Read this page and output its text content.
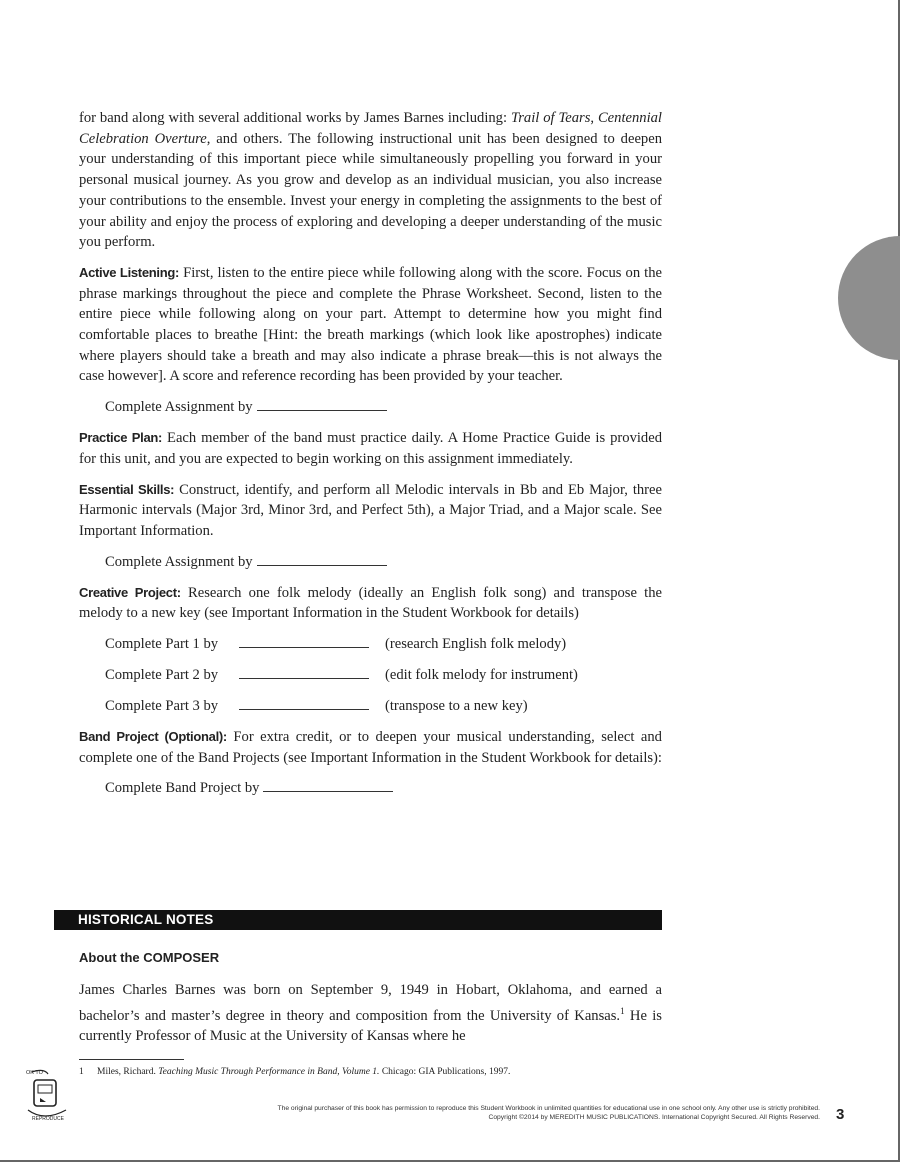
for band along with several additional works by James Barnes including: Trail of Tears, Centennial Celebration Overture, and others. The following instructional unit has been designed to deepen your understanding of this important piece while simultaneously propelling you forward in your personal musical journey. As you grow and develop as an individual musician, you also increase your contributions to the ensemble. Invest your energy in completing the assignments to the best of your ability and enjoy the process of exploring and developing a deeper understanding of the music you perform.

Active Listening: First, listen to the entire piece while following along with the score. Focus on the phrase markings throughout the piece and complete the Phrase Worksheet. Second, listen to the entire piece while following along on your part. Attempt to determine how you might find comfortable places to breathe [Hint: the breath markings (which look like apostrophes) indicate where players should take a breath and may also indicate a phrase break—this is not always the case however]. A score and reference recording has been provided by your teacher.

Complete Assignment by

Practice Plan: Each member of the band must practice daily. A Home Practice Guide is provided for this unit, and you are expected to begin working on this assignment immediately.

Essential Skills: Construct, identify, and perform all Melodic intervals in Bb and Eb Major, three Harmonic intervals (Major 3rd, Minor 3rd, and Perfect 5th), a Major Triad, and a Major scale. See Important Information.

Complete Assignment by

Creative Project: Research one folk melody (ideally an English folk song) and transpose the melody to a new key (see Important Information in the Student Workbook for details)

Complete Part 1 by	(research English folk melody)
Complete Part 2 by	(edit folk melody for instrument)
Complete Part 3 by	(transpose to a new key)

Band Project (Optional): For extra credit, or to deepen your musical understanding, select and complete one of the Band Projects (see Important Information in the Student Workbook for details):

Complete Band Project by
HISTORICAL NOTES
About the COMPOSER

James Charles Barnes was born on September 9, 1949 in Hobart, Oklahoma, and earned a bachelor’s and master’s degree in theory and composition from the University of Kansas.$^1$ He is currently Professor of Music at the University of Kansas where he

1 Miles, Richard. Teaching Music Through Performance in Band, Volume 1. Chicago: GIA Publications, 1997.
OK TO
REPRODUCE
The original purchaser of this book has permission to reproduce this Student Workbook in unlimited quantities for educational use in one school only. Any other use is strictly prohibited.
Copyright ©2014 by MEREDITH MUSIC PUBLICATIONS. International Copyright Secured. All Rights Reserved. 3
